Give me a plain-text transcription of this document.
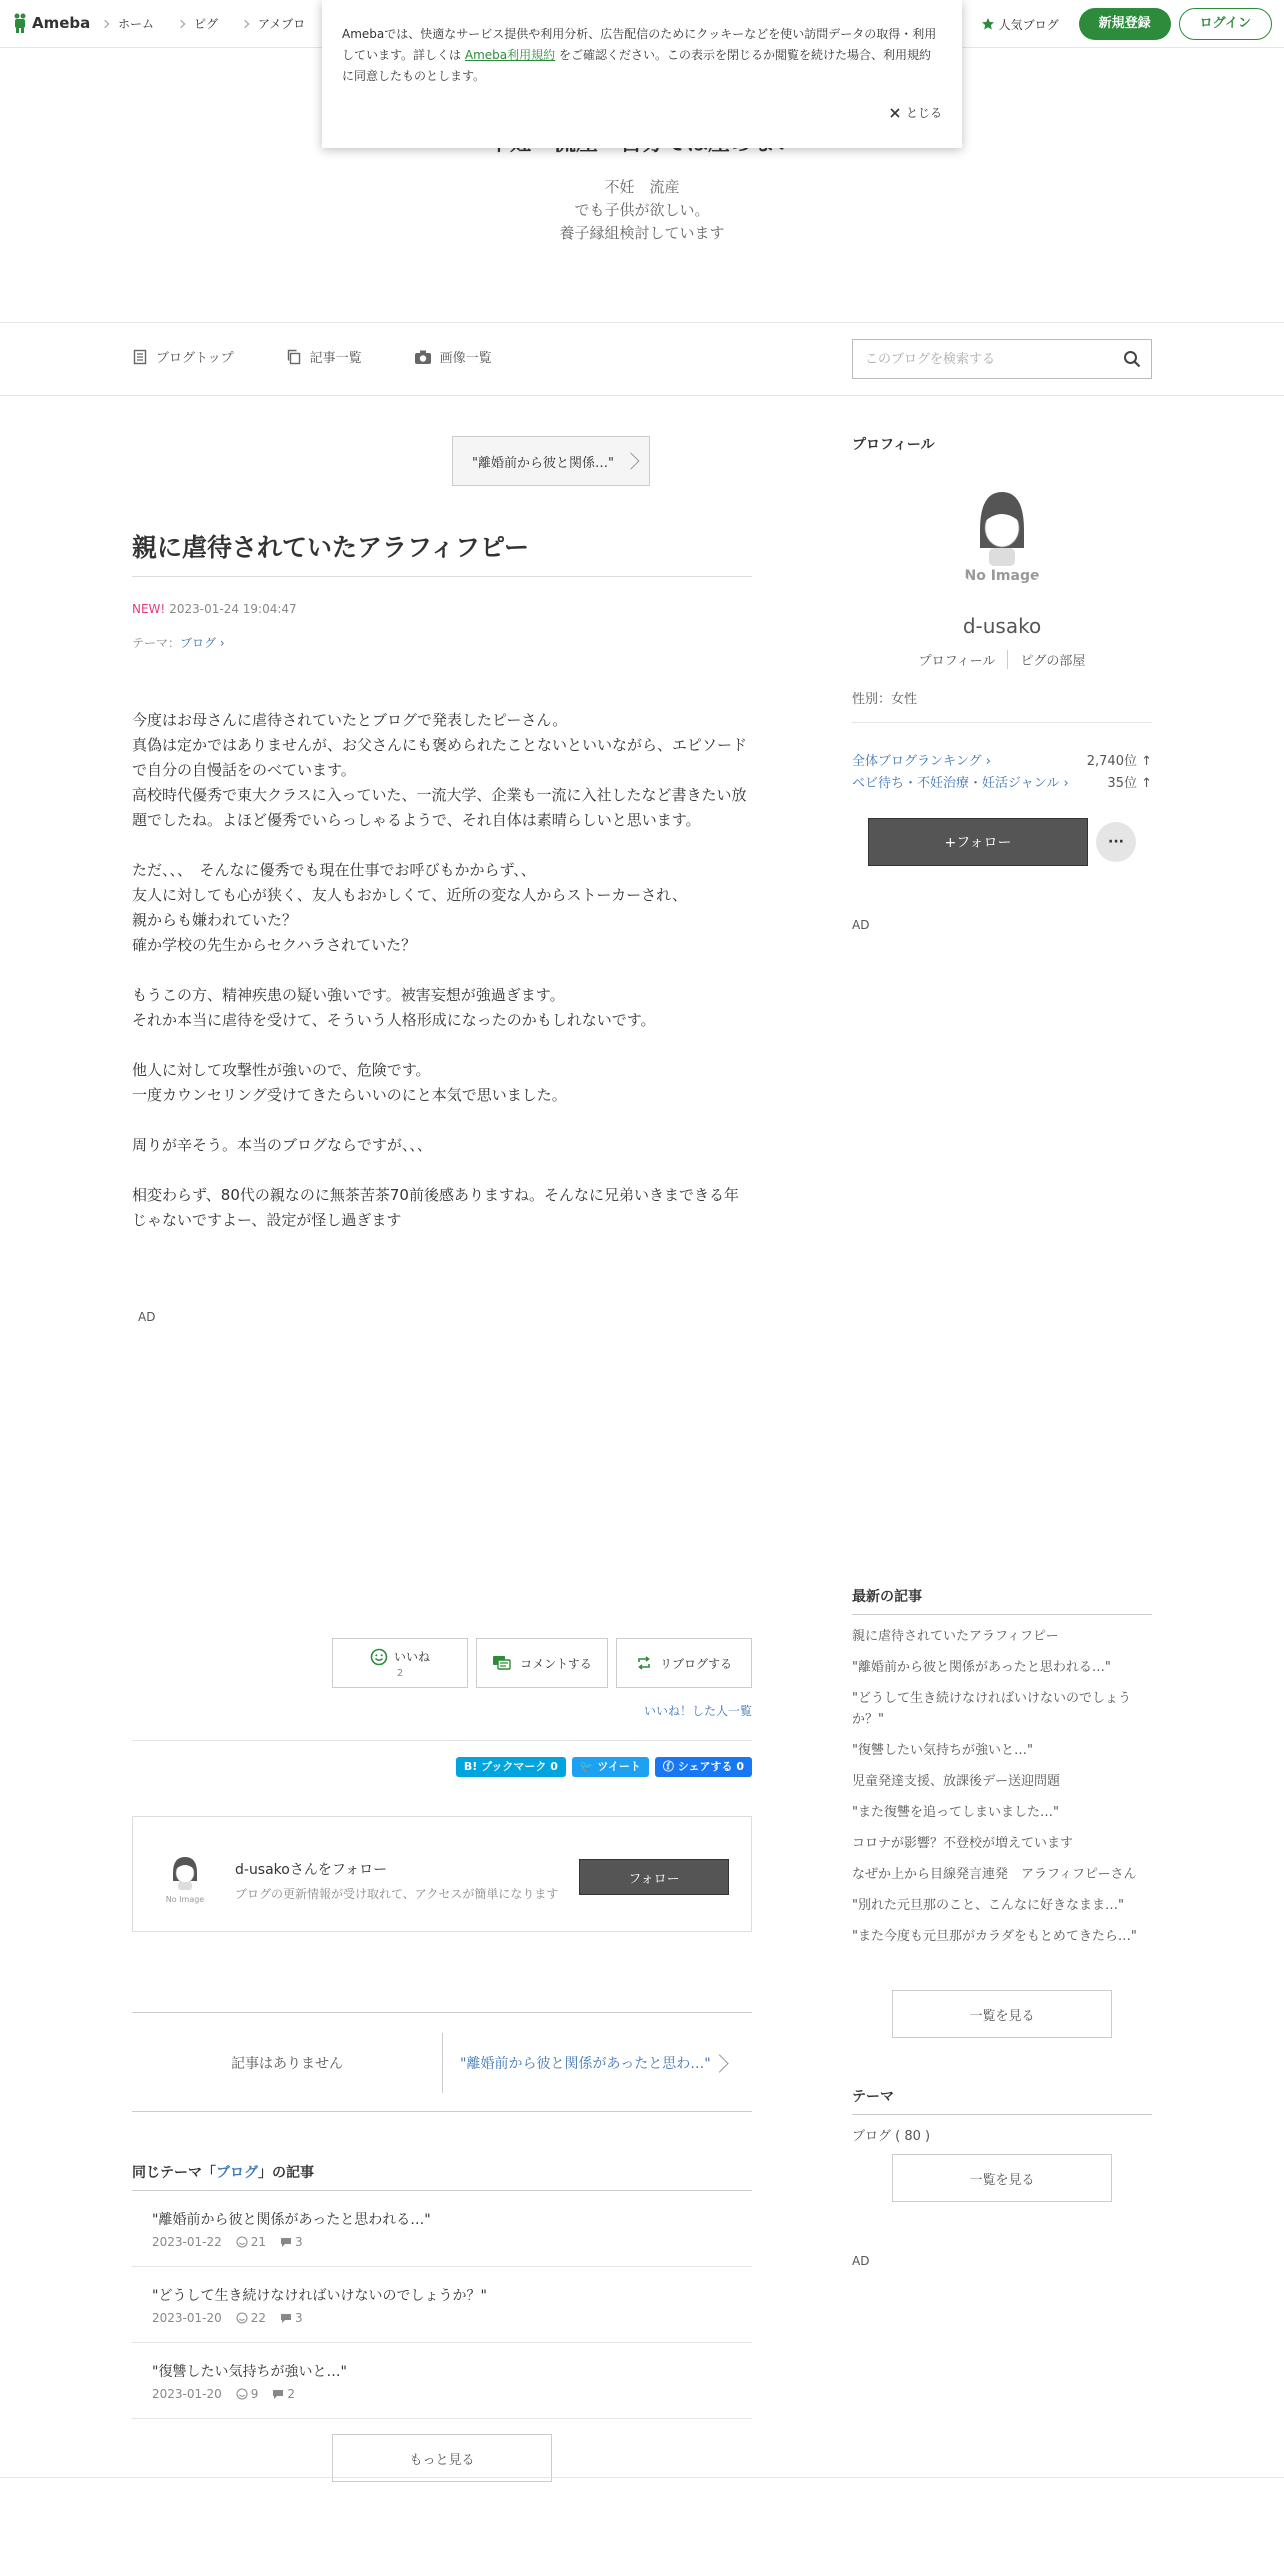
Ameba ホーム	ピグ	アメブロ	人気ブログ	新規登録	ログイン
Amebaでは、快適なサービス提供や利用分析、広告配信のためにクッキーなどを使い訪問データの取得・利用しています。詳しくは Ameba利用規約 をご確認ください。この表示を閉じるか閲覧を続けた場合、利用規約に同意したものとします。
とじる
不妊　流産
でも子供が欲しい。
養子縁組検討しています
ブログトップ	記事一覧	画像一覧
このブログを検索する
"離婚前から彼と関係…"
親に虐待されていたアラフィフピー
NEW! 2023-01-24 19:04:47
テーマ：ブログ ›

今度はお母さんに虐待されていたとブログで発表したピーさん。

真偽は定かではありませんが、お父さんにも褒められたことないといいながら、エピソードで自分の自慢話をのべています。

高校時代優秀で東大クラスに入っていた、一流大学、企業も一流に入社したなど書きたい放題でしたね。よほど優秀でいらっしゃるようで、それ自体は素晴らしいと思います。

ただ、、、　そんなに優秀でも現在仕事でお呼びもかからず、、

友人に対しても心が狭く、友人もおかしくて、近所の変な人からストーカーされ、

親からも嫌われていた？

確か学校の先生からセクハラされていた？

もうこの方、精神疾患の疑い強いです。被害妄想が強過ぎます。

それか本当に虐待を受けて、そういう人格形成になったのかもしれないです。

他人に対して攻撃性が強いので、危険です。

一度カウンセリング受けてきたらいいのにと本気で思いました。

周りが辛そう。本当のブログならですが、、、

相変わらず、80代の親なのに無茶苦茶70前後感ありますね。そんなに兄弟いきまできる年じゃないですよー、設定が怪し過ぎます

AD
いいね
2
コメントする	リブログする
いいね！した人一覧
B! ブックマーク 0	🐦 ツイート	ⓕ シェアする 0
No Image
d-usakoさんをフォロー
ブログの更新情報が受け取れて、アクセスが簡単になります
フォロー
記事はありません	"離婚前から彼と関係があったと思わ…"
同じテーマ「ブログ」の記事
"離婚前から彼と関係があったと思われる…"
2023-01-22 21 3
"どうして生き続けなければいけないのでしょうか？"
2023-01-20 22 3
"復讐したい気持ちが強いと…"
2023-01-20 9 2
もっと見る
プロフィール
No Image
d-usako
プロフィール	ピグの部屋
性別：女性
全体ブログランキング ›	2,740位 ↑
ベビ待ち・不妊治療・妊活ジャンル ›	35位 ↑
+フォロー	···
AD
最新の記事
親に虐待されていたアラフィフピー
"離婚前から彼と関係があったと思われる…"
"どうして生き続けなければいけないのでしょうか？"
"復讐したい気持ちが強いと…"
児童発達支援、放課後デー送迎問題
"また復讐を追ってしまいました…"
コロナが影響？不登校が増えています
なぜか上から目線発言連発　アラフィフピーさん
"別れた元旦那のこと、こんなに好きなまま…"
"また今度も元旦那がカラダをもとめてきたら…"
一覧を見る
テーマ
ブログ ( 80 )
一覧を見る
AD
